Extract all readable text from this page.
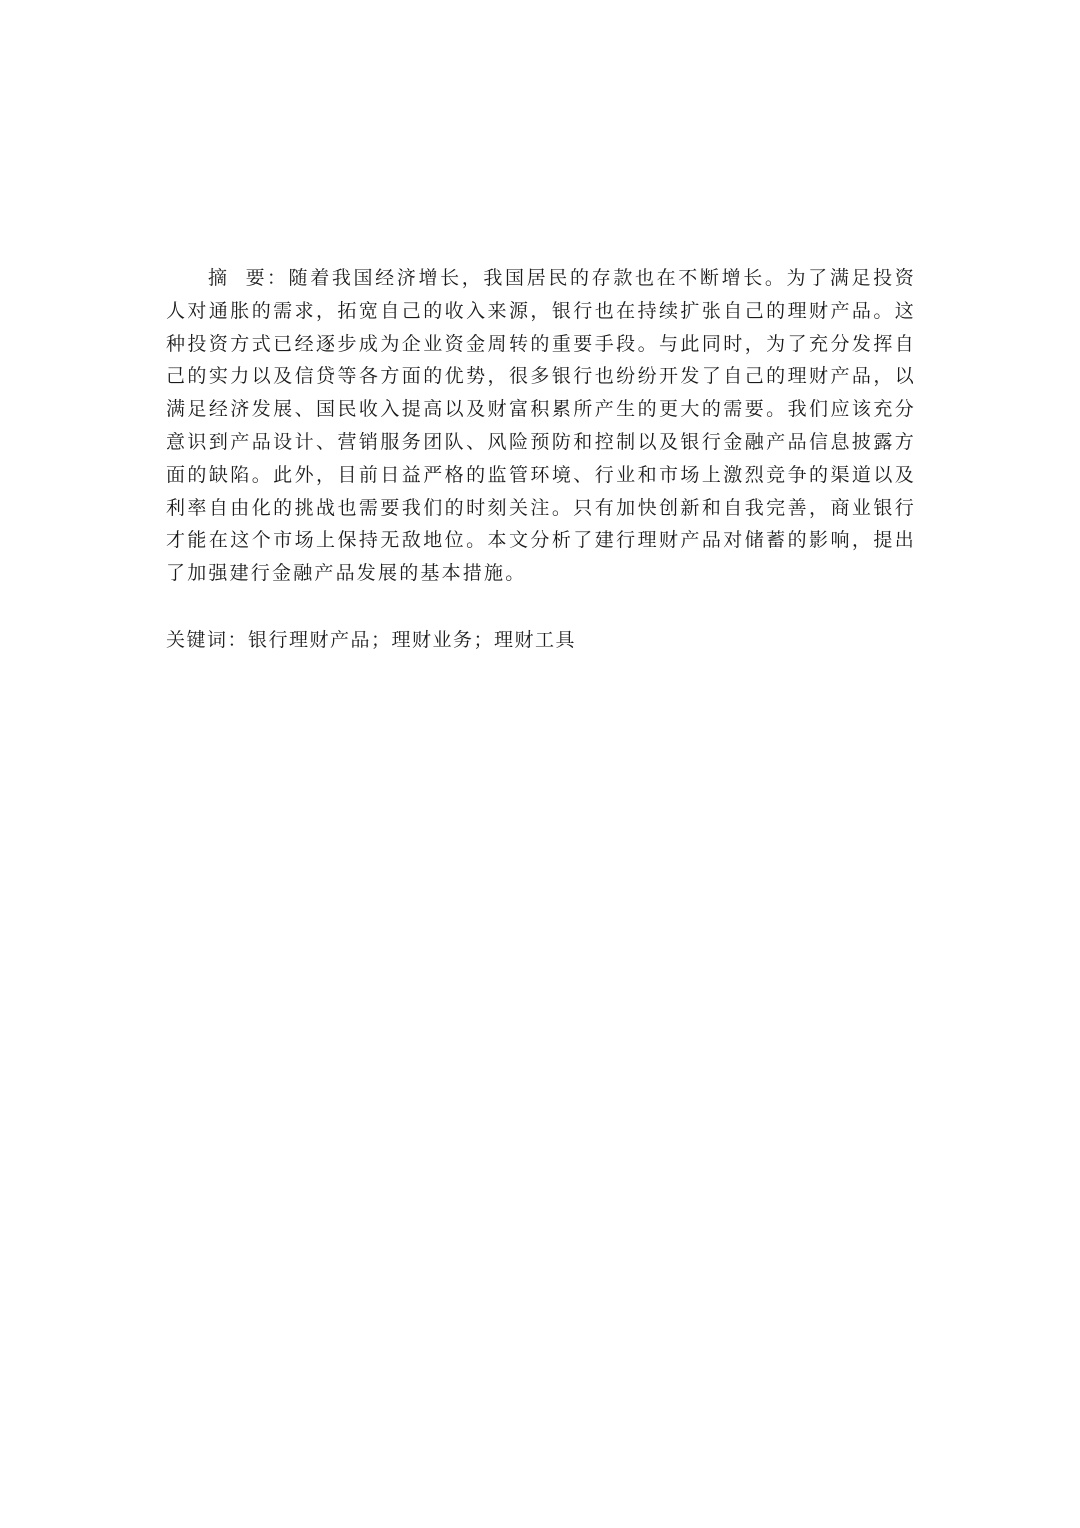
摘  要：随着我国经济增长，我国居民的存款也在不断增长。为了满足投资人对通胀的需求，拓宽自己的收入来源，银行也在持续扩张自己的理财产品。这种投资方式已经逐步成为企业资金周转的重要手段。与此同时，为了充分发挥自己的实力以及信贷等各方面的优势，很多银行也纷纷开发了自己的理财产品，以满足经济发展、国民收入提高以及财富积累所产生的更大的需要。我们应该充分意识到产品设计、营销服务团队、风险预防和控制以及银行金融产品信息披露方面的缺陷。此外，目前日益严格的监管环境、行业和市场上激烈竞争的渠道以及利率自由化的挑战也需要我们的时刻关注。只有加快创新和自我完善，商业银行才能在这个市场上保持无敌地位。本文分析了建行理财产品对储蓄的影响，提出了加强建行金融产品发展的基本措施。

关键词：银行理财产品；理财业务；理财工具
